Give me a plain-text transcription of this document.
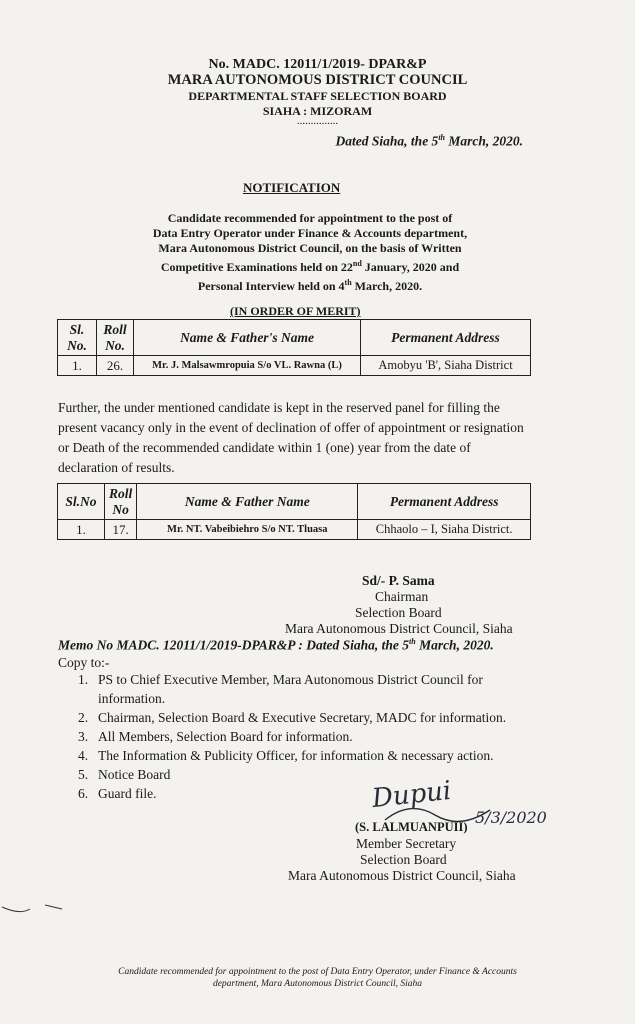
No. MADC. 12011/1/2019- DPAR&P
MARA AUTONOMOUS DISTRICT COUNCIL
DEPARTMENTAL STAFF SELECTION BOARD
SIAHA : MIZORAM
...............
Dated Siaha, the 5th March, 2020.
NOTIFICATION
Candidate recommended for appointment to the post of
Data Entry Operator under Finance & Accounts department,
Mara Autonomous District Council, on the basis of Written
Competitive Examinations held on 22nd January, 2020 and
Personal Interview held on 4th March, 2020.
(IN ORDER OF MERIT)
Sl. No.	Roll No.	Name & Father's Name	Permanent Address
1.	26.	Mr. J. Malsawmropuia S/o VL. Rawna (L)	Amobyu 'B', Siaha District
Further, the under mentioned candidate is kept in the reserved panel for filling the present vacancy only in the event of declination of offer of appointment or resignation or Death of the recommended candidate within 1 (one) year from the date of declaration of results.
Sl.No	Roll No	Name & Father Name	Permanent Address
1.	17.	Mr. NT. Vabeibiehro S/o NT. Tluasa	Chhaolo – I, Siaha District.
Sd/- P. Sama
Chairman
Selection Board
Mara Autonomous District Council, Siaha
Memo No MADC. 12011/1/2019-DPAR&P : Dated Siaha, the 5th March, 2020.
Copy to:-
1. PS to Chief Executive Member, Mara Autonomous District Council for information.
2. Chairman, Selection Board & Executive Secretary, MADC for information.
3. All Members, Selection Board for information.
4. The Information & Publicity Officer, for information & necessary action.
5. Notice Board
6. Guard file.	Dupui
5/3/2020
(S. LALMUANPUII)
Member Secretary
Selection Board
Mara Autonomous District Council, Siaha
Candidate recommended for appointment to the post of Data Entry Operator, under Finance & Accounts
department, Mara Autonomous District Council, Siaha
